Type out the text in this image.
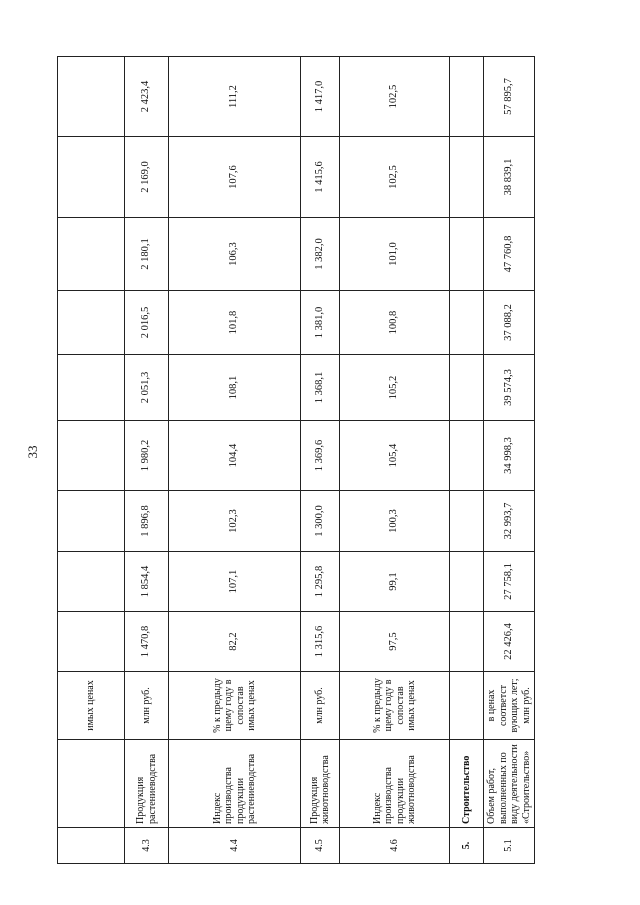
33
		имых ценах									
4.3	Продукция растениеводства	млн руб.	1 470,8	1 854,4	1 896,8	1 980,2	2 051,3	2 016,5	2 180,1	2 169,0	2 423,4
4.4	Индекс производства продукции растениеводства	% к предыду щему году в сопостав имых ценах	82,2	107,1	102,3	104,4	108,1	101,8	106,3	107,6	111,2
4.5	Продукция животноводства	млн руб.	1 315,6	1 295,8	1 300,0	1 369,6	1 368,1	1 381,0	1 382,0	1 415,6	1 417,0
4.6	Индекс производства продукции животноводства	% к предыду щему году в сопостав имых ценах	97,5	99,1	100,3	105,4	105,2	100,8	101,0	102,5	102,5
5.	Строительство										
5.1	Объем работ, выполненных по виду деятельности «Строительство»	в ценах соответст вующих лет; млн руб.	22 426,4	27 758,1	32 993,7	34 998,3	39 574,3	37 088,2	47 760,8	38 839,1	57 895,7
